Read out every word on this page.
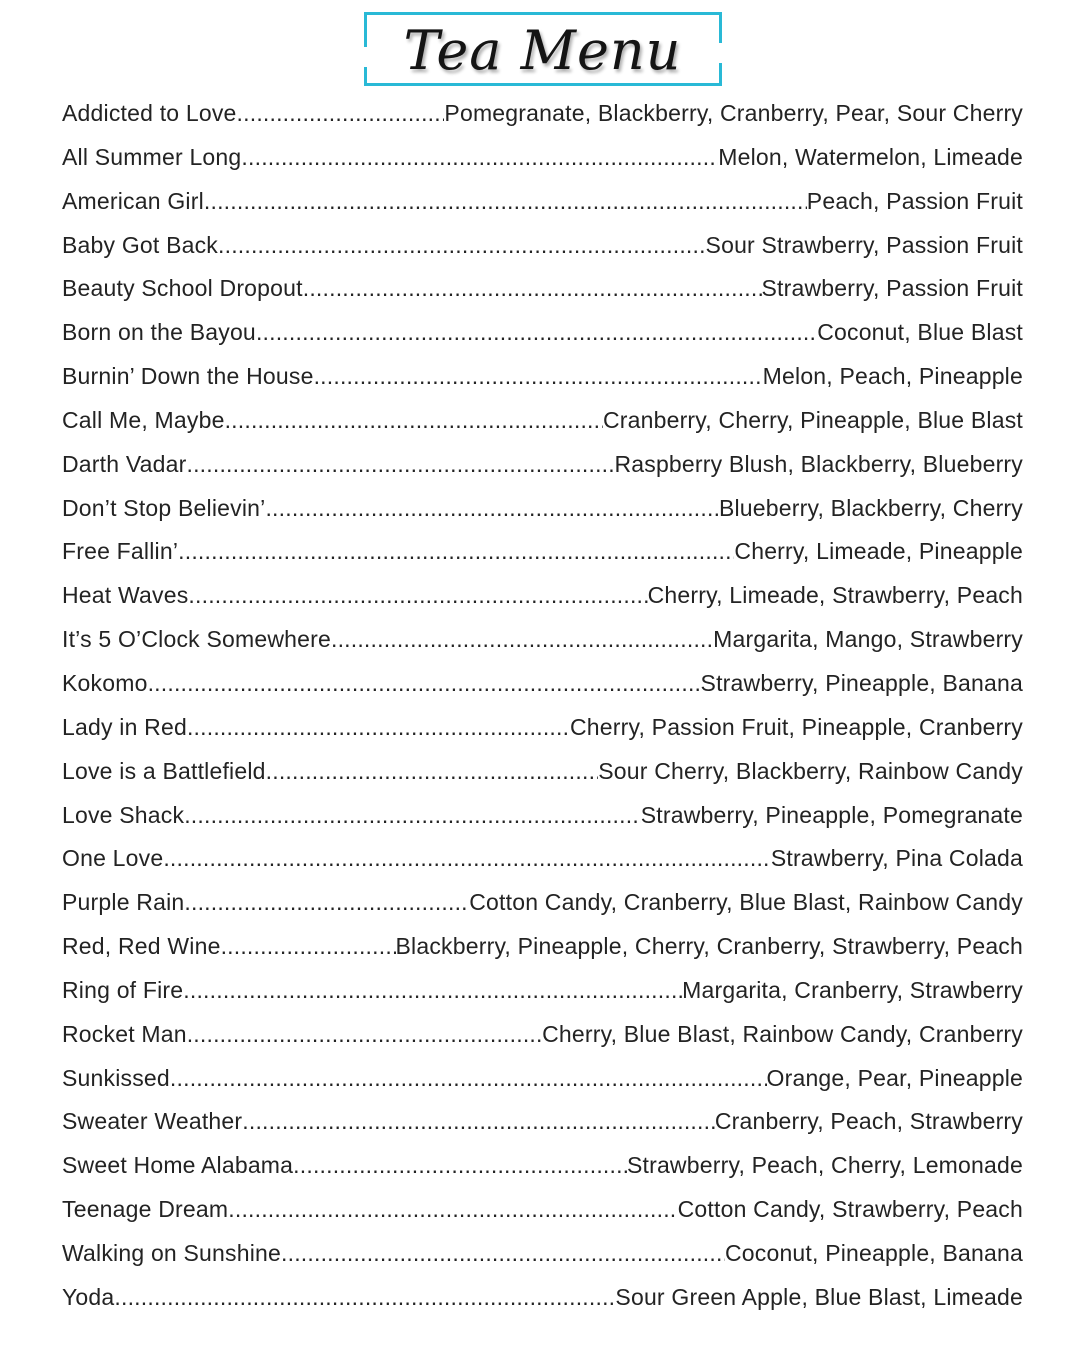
Tea Menu
Addicted to Love .....	Pomegranate, Blackberry, Cranberry, Pear, Sour Cherry
All Summer Long .....	Melon, Watermelon, Limeade
American Girl .....	Peach, Passion Fruit
Baby Got Back .....	Sour Strawberry, Passion Fruit
Beauty School Dropout .....	Strawberry, Passion Fruit
Born on the Bayou .....	Coconut, Blue Blast
Burnin’ Down the House .....	Melon, Peach, Pineapple
Call Me, Maybe .....	Cranberry, Cherry, Pineapple, Blue Blast
Darth Vadar .....	Raspberry Blush, Blackberry, Blueberry
Don’t Stop Believin’ .....	Blueberry, Blackberry, Cherry
Free Fallin’ .....	Cherry, Limeade, Pineapple
Heat Waves .....	Cherry, Limeade, Strawberry, Peach
It’s 5 O’Clock Somewhere .....	Margarita, Mango, Strawberry
Kokomo .....	Strawberry, Pineapple, Banana
Lady in Red .....	Cherry, Passion Fruit, Pineapple, Cranberry
Love is a Battlefield .....	Sour Cherry, Blackberry, Rainbow Candy
Love Shack .....	Strawberry, Pineapple, Pomegranate
One Love .....	Strawberry, Pina Colada
Purple Rain .....	Cotton Candy, Cranberry, Blue Blast, Rainbow Candy
Red, Red Wine .....	Blackberry, Pineapple, Cherry, Cranberry, Strawberry, Peach
Ring of Fire .....	Margarita, Cranberry, Strawberry
Rocket Man .....	Cherry, Blue Blast, Rainbow Candy, Cranberry
Sunkissed .....	Orange, Pear, Pineapple
Sweater Weather .....	Cranberry, Peach, Strawberry
Sweet Home Alabama .....	Strawberry, Peach, Cherry, Lemonade
Teenage Dream .....	Cotton Candy, Strawberry, Peach
Walking on Sunshine .....	Coconut, Pineapple, Banana
Yoda .....	Sour Green Apple, Blue Blast, Limeade
